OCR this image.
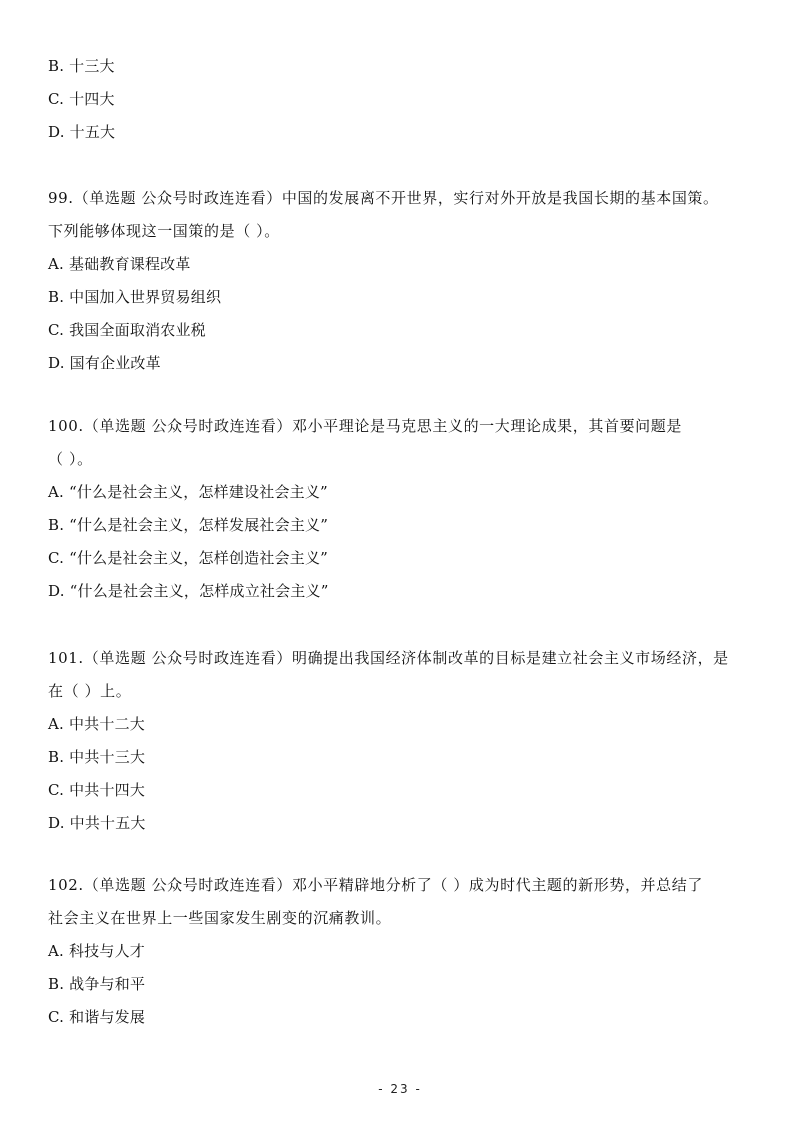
B. 十三大
C. 十四大
D. 十五大
99.（单选题 公众号时政连连看）中国的发展离不开世界，实行对外开放是我国长期的基本国策。
下列能够体现这一国策的是（ ）。
A. 基础教育课程改革
B. 中国加入世界贸易组织
C. 我国全面取消农业税
D. 国有企业改革
100.（单选题 公众号时政连连看）邓小平理论是马克思主义的一大理论成果，其首要问题是
（ ）。
A. “什么是社会主义，怎样建设社会主义”
B. “什么是社会主义，怎样发展社会主义”
C. “什么是社会主义，怎样创造社会主义”
D. “什么是社会主义，怎样成立社会主义”
101.（单选题 公众号时政连连看）明确提出我国经济体制改革的目标是建立社会主义市场经济，是
在（ ）上。
A. 中共十二大
B. 中共十三大
C. 中共十四大
D. 中共十五大
102.（单选题 公众号时政连连看）邓小平精辟地分析了（ ）成为时代主题的新形势，并总结了
社会主义在世界上一些国家发生剧变的沉痛教训。
A. 科技与人才
B. 战争与和平
C. 和谐与发展
- 23 -
